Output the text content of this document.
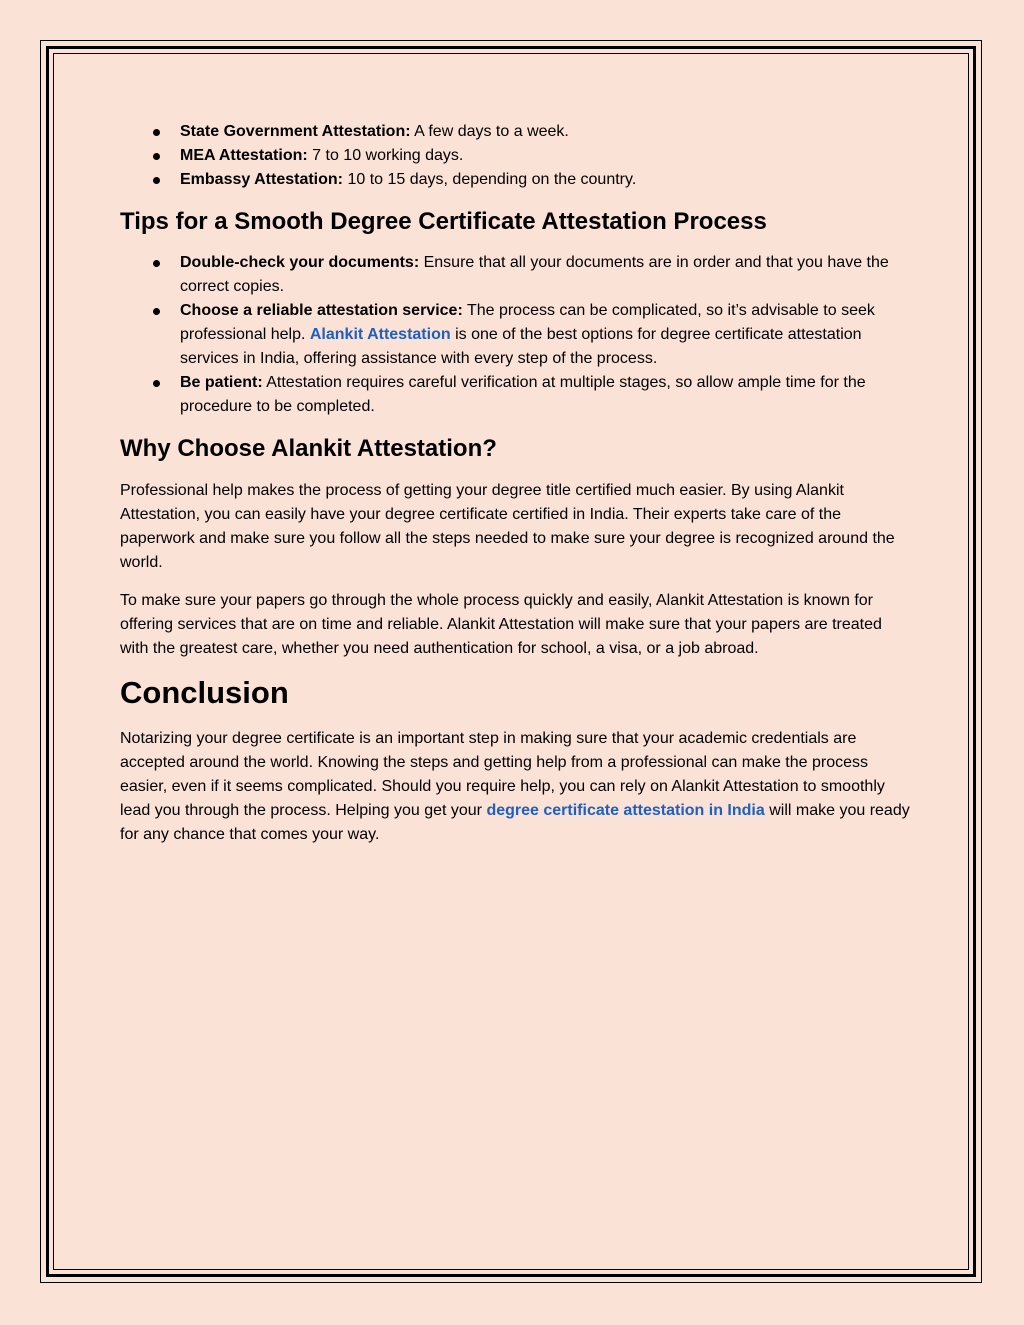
State Government Attestation: A few days to a week.
MEA Attestation: 7 to 10 working days.
Embassy Attestation: 10 to 15 days, depending on the country.
Tips for a Smooth Degree Certificate Attestation Process
Double-check your documents: Ensure that all your documents are in order and that you have the correct copies.
Choose a reliable attestation service: The process can be complicated, so it’s advisable to seek professional help. Alankit Attestation is one of the best options for degree certificate attestation services in India, offering assistance with every step of the process.
Be patient: Attestation requires careful verification at multiple stages, so allow ample time for the procedure to be completed.
Why Choose Alankit Attestation?

Professional help makes the process of getting your degree title certified much easier. By using Alankit Attestation, you can easily have your degree certificate certified in India. Their experts take care of the paperwork and make sure you follow all the steps needed to make sure your degree is recognized around the world.

To make sure your papers go through the whole process quickly and easily, Alankit Attestation is known for offering services that are on time and reliable. Alankit Attestation will make sure that your papers are treated with the greatest care, whether you need authentication for school, a visa, or a job abroad.

Conclusion

Notarizing your degree certificate is an important step in making sure that your academic credentials are accepted around the world. Knowing the steps and getting help from a professional can make the process easier, even if it seems complicated. Should you require help, you can rely on Alankit Attestation to smoothly lead you through the process. Helping you get your degree certificate attestation in India will make you ready for any chance that comes your way.
